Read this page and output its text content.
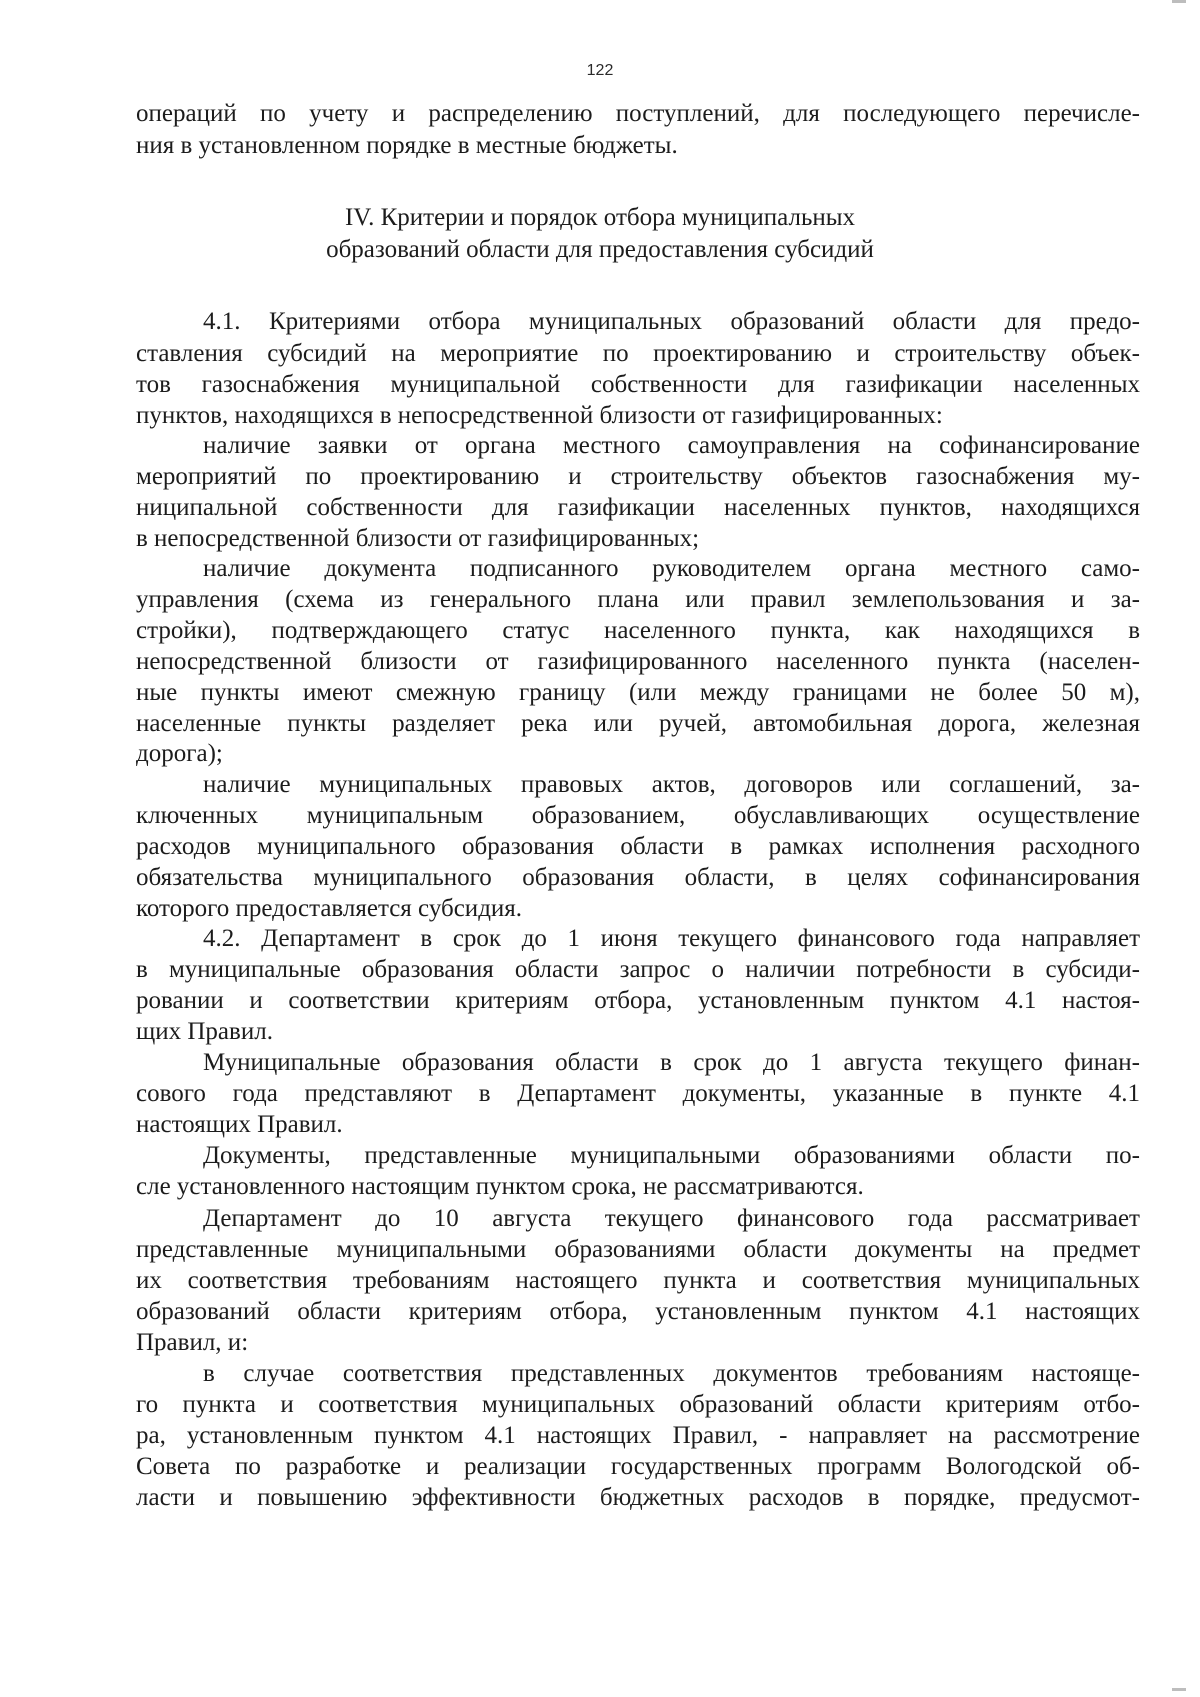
122
операций по учету и распределению поступлений, для последующего перечисле-
ния в установленном порядке в местные бюджеты.
IV. Критерии и порядок отбора муниципальных
образований области для предоставления субсидий
4.1. Критериями отбора муниципальных образований области для предо-
ставления субсидий на мероприятие по проектированию и строительству объек-
тов газоснабжения муниципальной собственности для газификации населенных
пунктов, находящихся в непосредственной близости от газифицированных:
наличие заявки от органа местного самоуправления на софинансирование
мероприятий по проектированию и строительству объектов газоснабжения му-
ниципальной собственности для газификации населенных пунктов, находящихся
в непосредственной близости от газифицированных;
наличие документа подписанного руководителем органа местного само-
управления (схема из генерального плана или правил землепользования и за-
стройки), подтверждающего статус населенного пункта, как находящихся в
непосредственной близости от газифицированного населенного пункта (населен-
ные пункты имеют смежную границу (или между границами не более 50 м),
населенные пункты разделяет река или ручей, автомобильная дорога, железная
дорога);
наличие муниципальных правовых актов, договоров или соглашений, за-
ключенных муниципальным образованием, обуславливающих осуществление
расходов муниципального образования области в рамках исполнения расходного
обязательства муниципального образования области, в целях софинансирования
которого предоставляется субсидия.
4.2. Департамент в срок до 1 июня текущего финансового года направляет
в муниципальные образования области запрос о наличии потребности в субсиди-
ровании и соответствии критериям отбора, установленным пунктом 4.1 настоя-
щих Правил.
Муниципальные образования области в срок до 1 августа текущего финан-
сового года представляют в Департамент документы, указанные в пункте 4.1
настоящих Правил.
Документы, представленные муниципальными образованиями области по-
сле установленного настоящим пунктом срока, не рассматриваются.
Департамент до 10 августа текущего финансового года рассматривает
представленные муниципальными образованиями области документы на предмет
их соответствия требованиям настоящего пункта и соответствия муниципальных
образований области критериям отбора, установленным пунктом 4.1 настоящих
Правил, и:
в случае соответствия представленных документов требованиям настояще-
го пункта и соответствия муниципальных образований области критериям отбо-
ра, установленным пунктом 4.1 настоящих Правил, - направляет на рассмотрение
Совета по разработке и реализации государственных программ Вологодской об-
ласти и повышению эффективности бюджетных расходов в порядке, предусмот-
